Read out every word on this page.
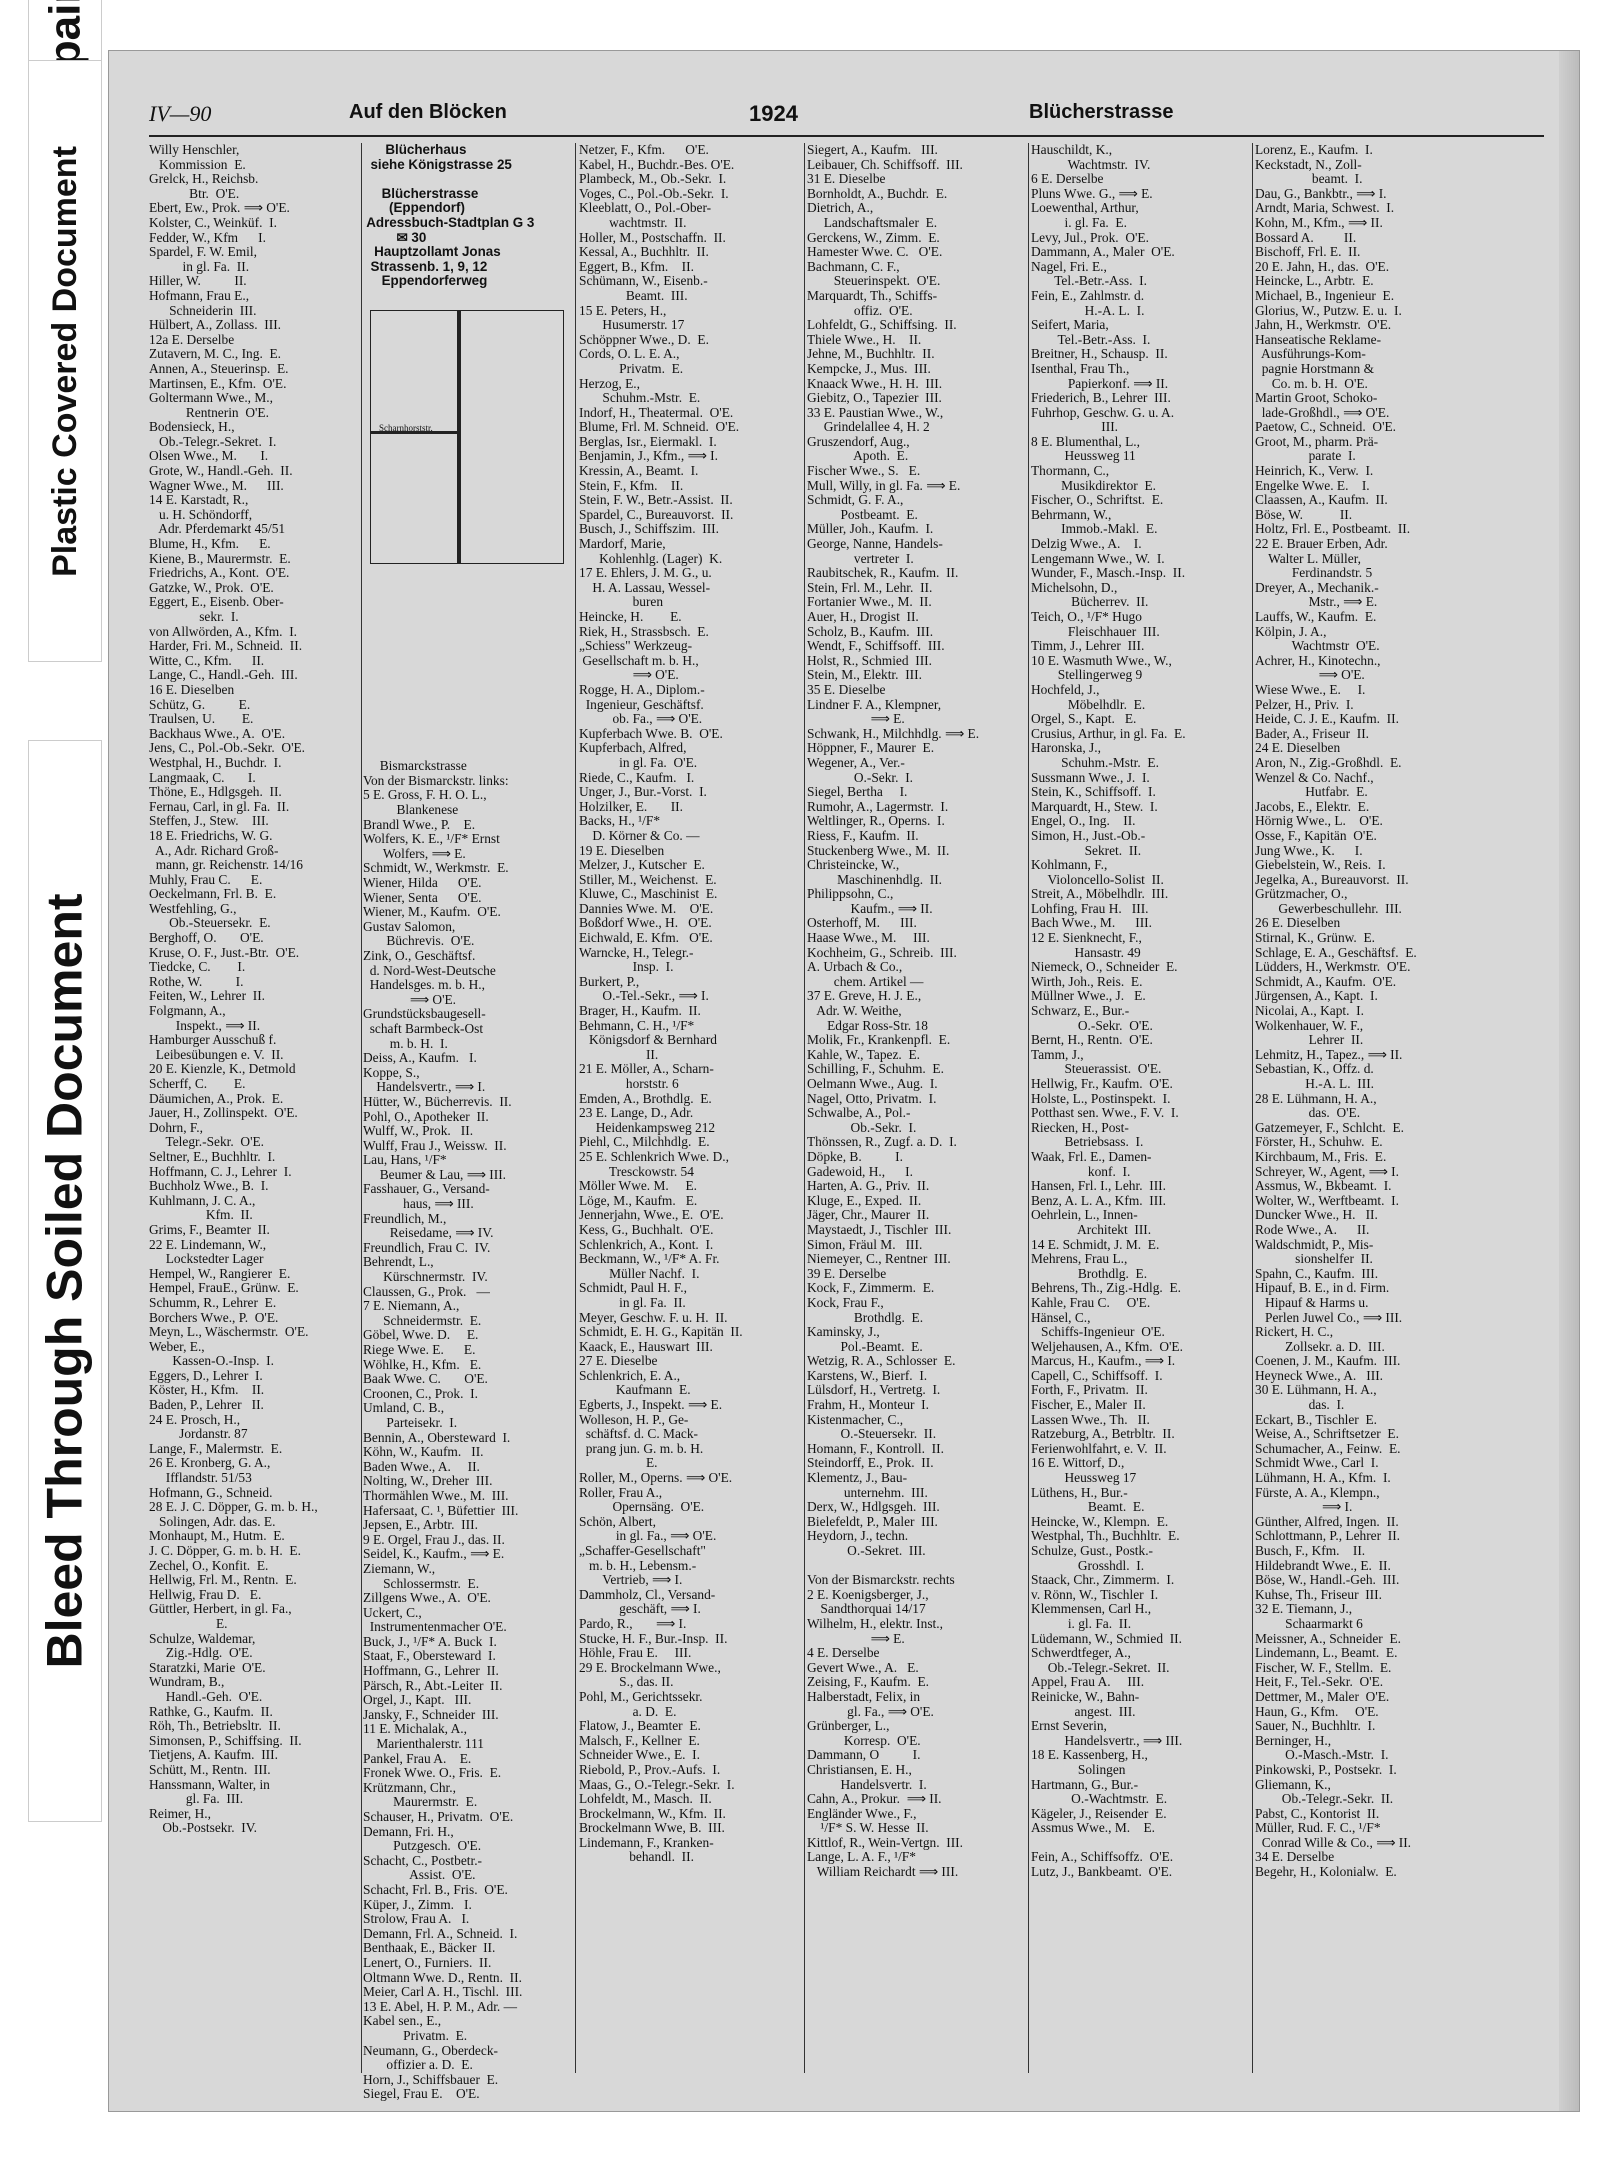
Plastic Covered Document
Bleed Through Soiled Document
IV—90	Auf den Blöcken	1924	Blücherstrasse
Willy Henschler,
Kommission  E.
Grelck, H., Reichsb.
Btr.  O'E.
Ebert, Ew., Prok. ⟹ O'E.
Kolster, C., Weinküf.  I.
Fedder, W., Kfm      I.
Spardel, F. W. Emil,
in gl. Fa.  II.
Hiller, W.          II.
Hofmann, Frau E.,
Schneiderin  III.
Hülbert, A., Zollass.  III.
12a E. Derselbe
Zutavern, M. C., Ing.  E.
Annen, A., Steuerinsp.  E.
Martinsen, E., Kfm.  O'E.
Goltermann Wwe., M.,
Rentnerin  O'E.
Bodensieck, H.,
Ob.-Telegr.-Sekret.  I.
Olsen Wwe., M.       I.
Grote, W., Handl.-Geh.  II.
Wagner Wwe., M.      III.
14 E. Karstadt, R.,
u. H. Schöndorff,
Adr. Pferdemarkt 45/51
Blume, H., Kfm.      E.
Kiene, B., Maurermstr.  E.
Friedrichs, A., Kont.  O'E.
Gatzke, W., Prok.  O'E.
Eggert, E., Eisenb. Ober-
sekr.  I.
von Allwörden, A., Kfm.  I.
Harder, Fri. M., Schneid.  II.
Witte, C., Kfm.      II.
Lange, C., Handl.-Geh.  III.
16 E. Dieselben
Schütz, G.          E.
Traulsen, U.        E.
Backhaus Wwe., A.  O'E.
Jens, C., Pol.-Ob.-Sekr.  O'E.
Westphal, H., Buchdr.  I.
Langmaak, C.       I.
Thöne, E., Hdlgsgeh.  II.
Fernau, Carl, in gl. Fa.  II.
Steffen, J., Stew.    III.
18 E. Friedrichs, W. G.
A., Adr. Richard Groß-
mann, gr. Reichenstr. 14/16
Muhly, Frau C.      E.
Oeckelmann, Frl. B.  E.
Westfehling, G.,
Ob.-Steuersekr.  E.
Berghoff, O.       O'E.
Kruse, O. F., Just.-Btr.  O'E.
Tiedcke, C.        I.
Rothe, W.          I.
Feiten, W., Lehrer  II.
Folgmann, A.,
Inspekt., ⟹ II.
Hamburger Ausschuß f.
Leibesübungen e. V.  II.
20 E. Kienzle, K., Detmold
Scherff, C.        E.
Däumichen, A., Prok.  E.
Jauer, H., Zollinspekt.  O'E.
Dohrn, F.,
Telegr.-Sekr.  O'E.
Seltner, E., Buchhltr.  I.
Hoffmann, C. J., Lehrer  I.
Buchholz Wwe., B.  I.
Kuhlmann, J. C. A.,
Kfm.  II.
Grims, F., Beamter  II.
22 E. Lindemann, W.,
Lockstedter Lager
Hempel, W., Rangierer  E.
Hempel, FrauE., Grünw.  E.
Schumm, R., Lehrer  E.
Borchers Wwe., P.  O'E.
Meyn, L., Wäschermstr.  O'E.
Weber, E.,
Kassen-O.-Insp.  I.
Eggers, D., Lehrer  I.
Köster, H., Kfm.    II.
Baden, P., Lehrer   II.
24 E. Prosch, H.,
Jordanstr. 87
Lange, F., Malermstr.  E.
26 E. Kronberg, G. A.,
Ifflandstr. 51/53
Hofmann, G., Schneid.
28 E. J. C. Döpper, G. m. b. H.,
Solingen, Adr. das. E.
Monhaupt, M., Hutm.  E.
J. C. Döpper, G. m. b. H.  E.
Zechel, O., Konfit.  E.
Hellwig, Frl. M., Rentn.  E.
Hellwig, Frau D.   E.
Güttler, Herbert, in gl. Fa.,
E.
Schulze, Waldemar,
Zig.-Hdlg.  O'E.
Staratzki, Marie  O'E.
Wundram, B.,
Handl.-Geh.  O'E.
Rathke, G., Kaufm.  II.
Röh, Th., Betriebsltr.  II.
Simonsen, P., Schiffsing.  II.
Tietjens, A. Kaufm.  III.
Schütt, M., Rentn.  III.
Hanssmann, Walter, in
gl. Fa.  III.
Reimer, H.,
Ob.-Postsekr.  IV.
Blücherhaus
siehe Königstrasse 25
Blücherstrasse
(Eppendorf)
Adressbuch-Stadtplan G 3
✉ 30
Hauptzollamt Jonas
Strassenb. 1, 9, 12
Eppendorferweg
Scharnhorststr.
Bismarckstrasse
Von der Bismarckstr. links:
5 E. Gross, F. H. O. L.,
Blankenese
Brandl Wwe., P.    E.
Wolfers, K. E., ¹/F* Ernst
Wolfers, ⟹ E.
Schmidt, W., Werkmstr.  E.
Wiener, Hilda      O'E.
Wiener, Senta      O'E.
Wiener, M., Kaufm.  O'E.
Gustav Salomon,
Büchrevis.  O'E.
Zink, O., Geschäftsf.
d. Nord-West-Deutsche
Handelsges. m. b. H.,
⟹ O'E.
Grundstücksbaugesell-
schaft Barmbeck-Ost
m. b. H.  I.
Deiss, A., Kaufm.   I.
Koppe, S.,
Handelsvertr., ⟹ I.
Hütter, W., Bücherrevis.  II.
Pohl, O., Apotheker  II.
Wulff, W., Prok.   II.
Wulff, Frau J., Weissw.  II.
Lau, Hans, ¹/F*
Beumer & Lau, ⟹ III.
Fasshauer, G., Versand-
haus, ⟹ III.
Freundlich, M.,
Reisedame, ⟹ IV.
Freundlich, Frau C.  IV.
Behrendt, L.,
Kürschnermstr.  IV.
Claussen, G., Prok.   —
7 E. Niemann, A.,
Schneidermstr.  E.
Göbel, Wwe. D.     E.
Riege Wwe. E.      E.
Wöhlke, H., Kfm.   E.
Baak Wwe. C.       O'E.
Croonen, C., Prok.  I.
Umland, C. B.,
Parteisekr.  I.
Bennin, A., Obersteward  I.
Köhn, W., Kaufm.   II.
Baden Wwe., A.     II.
Nolting, W., Dreher  III.
Thormählen Wwe., M.  III.
Hafersaat, C. ¹, Büfettier  III.
Jepsen, E., Arbtr.  III.
9 E. Orgel, Frau J., das. II.
Seidel, K., Kaufm., ⟹ E.
Ziemann, W.,
Schlossermstr.  E.
Zillgens Wwe., A.  O'E.
Uckert, C.,
Instrumentenmacher O'E.
Buck, J., ¹/F* A. Buck  I.
Staat, F., Obersteward  I.
Hoffmann, G., Lehrer  II.
Pärsch, R., Abt.-Leiter  II.
Orgel, J., Kapt.   III.
Jansky, F., Schneider  III.
11 E. Michalak, A.,
Marienthalerstr. 111
Pankel, Frau A.    E.
Fronek Wwe. O., Fris.  E.
Krützmann, Chr.,
Maurermstr.  E.
Schauser, H., Privatm.  O'E.
Demann, Fri. H.,
Putzgesch.  O'E.
Schacht, C., Postbetr.-
Assist.  O'E.
Schacht, Frl. B., Fris.  O'E.
Küper, J., Zimm.   I.
Strolow, Frau A.   I.
Demann, Frl. A., Schneid.  I.
Benthaak, E., Bäcker  II.
Lenert, O., Furniers.  II.
Oltmann Wwe. D., Rentn.  II.
Meier, Carl A. H., Tischl.  III.
13 E. Abel, H. P. M., Adr. —
Kabel sen., E.,
Privatm.  E.
Neumann, G., Oberdeck-
offizier a. D.  E.
Horn, J., Schiffsbauer  E.
Siegel, Frau E.    O'E.
Netzer, F., Kfm.      O'E.
Kabel, H., Buchdr.-Bes. O'E.
Plambeck, M., Ob.-Sekr.  I.
Voges, C., Pol.-Ob.-Sekr.  I.
Kleeblatt, O., Pol.-Ober-
wachtmstr.  II.
Holler, M., Postschaffn.  II.
Kessal, A., Buchhltr.  II.
Eggert, B., Kfm.    II.
Schümann, W., Eisenb.-
Beamt.  III.
15 E. Peters, H.,
Husumerstr. 17
Schöppner Wwe., D.  E.
Cords, O. L. E. A.,
Privatm.  E.
Herzog, E.,
Schuhm.-Mstr.  E.
Indorf, H., Theatermal.  O'E.
Blume, Frl. M. Schneid.  O'E.
Berglas, Isr., Eiermakl.  I.
Benjamin, J., Kfm., ⟹ I.
Kressin, A., Beamt.  I.
Stein, F., Kfm.    II.
Stein, F. W., Betr.-Assist.  II.
Spardel, C., Bureauvorst.  II.
Busch, J., Schiffszim.  III.
Mardorf, Marie,
Kohlenhlg. (Lager)  K.
17 E. Ehlers, J. M. G., u.
H. A. Lassau, Wessel-
buren
Heincke, H.        E.
Riek, H., Strassbsch.  E.
„Schiess" Werkzeug-
Gesellschaft m. b. H.,
⟹ O'E.
Rogge, H. A., Diplom.-
Ingenieur, Geschäftsf.
ob. Fa., ⟹ O'E.
Kupferbach Wwe. B.  O'E.
Kupferbach, Alfred,
in gl. Fa.  O'E.
Riede, C., Kaufm.   I.
Unger, J., Bur.-Vorst.  I.
Holzilker, E.       II.
Backs, H., ¹/F*
D. Körner & Co. —
19 E. Dieselben
Melzer, J., Kutscher  E.
Stiller, M., Weichenst.  E.
Kluwe, C., Maschinist  E.
Dannies Wwe. M.    O'E.
Boßdorf Wwe., H.   O'E.
Eichwald, E. Kfm.   O'E.
Warncke, H., Telegr.-
Insp.  I.
Burkert, P.,
O.-Tel.-Sekr., ⟹ I.
Brager, H., Kaufm.  II.
Behmann, C. H., ¹/F*
Königsdorf & Bernhard
II.
21 E. Möller, A., Scharn-
horststr. 6
Emden, A., Brothdlg.  E.
23 E. Lange, D., Adr.
Heidenkampsweg 212
Piehl, C., Milchhdlg.  E.
25 E. Schlenkrich Wwe. D.,
Tresckowstr. 54
Möller Wwe. M.     E.
Löge, M., Kaufm.   E.
Jennerjahn, Wwe., E.  O'E.
Kess, G., Buchhalt.  O'E.
Schlenkrich, A., Kont.  I.
Beckmann, W., ¹/F* A. Fr.
Müller Nachf.  I.
Schmidt, Paul H. F.,
in gl. Fa.  II.
Meyer, Geschw. F. u. H.  II.
Schmidt, E. H. G., Kapitän  II.
Kaack, E., Hauswart  III.
27 E. Dieselbe
Schlenkrich, E. A.,
Kaufmann  E.
Egberts, J., Inspekt. ⟹ E.
Wolleson, H. P., Ge-
schäftsf. d. C. Mack-
prang jun. G. m. b. H.
E.
Roller, M., Operns. ⟹ O'E.
Roller, Frau A.,
Opernsäng.  O'E.
Schön, Albert,
in gl. Fa., ⟹ O'E.
„Schaffer-Gesellschaft"
m. b. H., Lebensm.-
Vertrieb, ⟹ I.
Dammholz, Cl., Versand-
geschäft, ⟹ I.
Pardo, R.,       ⟹ I.
Stucke, H. F., Bur.-Insp.  II.
Höhle, Frau E.     III.
29 E. Brockelmann Wwe.,
S., das. II.
Pohl, M., Gerichtssekr.
a. D.  E.
Flatow, J., Beamter  E.
Malsch, F., Kellner  E.
Schneider Wwe., E.  I.
Riebold, P., Prov.-Aufs.  I.
Maas, G., O.-Telegr.-Sekr.  I.
Lohfeldt, M., Masch.  II.
Brockelmann, W., Kfm.  II.
Brockelmann Wwe, B.  III.
Lindemann, F., Kranken-
behandl.  II.
Siegert, A., Kaufm.   III.
Leibauer, Ch. Schiffsoff.  III.
31 E. Dieselbe
Bornholdt, A., Buchdr.  E.
Dietrich, A.,
Landschaftsmaler  E.
Gerckens, W., Zimm.  E.
Hamester Wwe. C.   O'E.
Bachmann, C. F.,
Steuerinspekt.  O'E.
Marquardt, Th., Schiffs-
offiz.  O'E.
Lohfeldt, G., Schiffsing.  II.
Thiele Wwe., H.    II.
Jehne, M., Buchhltr.  II.
Kempcke, J., Mus.  III.
Knaack Wwe., H. H.  III.
Giebitz, O., Tapezier  III.
33 E. Paustian Wwe., W.,
Grindelallee 4, H. 2
Gruszendorf, Aug.,
Apoth.  E.
Fischer Wwe., S.   E.
Mull, Willy, in gl. Fa. ⟹ E.
Schmidt, G. F. A.,
Postbeamt.  E.
Müller, Joh., Kaufm.  I.
George, Nanne, Handels-
vertreter  I.
Raubitschek, R., Kaufm.  II.
Stein, Frl. M., Lehr.  II.
Fortanier Wwe., M.  II.
Auer, H., Drogist  II.
Scholz, B., Kaufm.  III.
Wendt, F., Schiffsoff.  III.
Holst, R., Schmied  III.
Stein, M., Elektr.  III.
35 E. Dieselbe
Lindner F. A., Klempner,
⟹ E.
Schwank, H., Milchhdlg. ⟹ E.
Höppner, F., Maurer  E.
Wegener, A., Ver.-
O.-Sekr.  I.
Siegel, Bertha     I.
Rumohr, A., Lagermstr.  I.
Weltlinger, R., Operns.  I.
Riess, F., Kaufm.  II.
Stuckenberg Wwe., M.  II.
Christeincke, W.,
Maschinenhdlg.  II.
Philippsohn, C.,
Kaufm., ⟹ II.
Osterhoff, M.      III.
Haase Wwe., M.     III.
Kochheim, G., Schreib.  III.
A. Urbach & Co.,
chem. Artikel —
37 E. Greve, H. J. E.,
Adr. W. Weithe,
Edgar Ross-Str. 18
Molik, Fr., Krankenpfl.  E.
Kahle, W., Tapez.  E.
Schilling, F., Schuhm.  E.
Oelmann Wwe., Aug.  I.
Nagel, Otto, Privatm.  I.
Schwalbe, A., Pol.-
Ob.-Sekr.  I.
Thönssen, R., Zugf. a. D.  I.
Döpke, B.          I.
Gadewoid, H.,      I.
Harten, A. G., Priv.  II.
Kluge, E., Exped.  II.
Jäger, Chr., Maurer  II.
Maystaedt, J., Tischler  III.
Simon, Fräul M.   III.
Niemeyer, C., Rentner  III.
39 E. Derselbe
Kock, F., Zimmerm.  E.
Kock, Frau F.,
Brothdlg.  E.
Kaminsky, J.,
Pol.-Beamt.  E.
Wetzig, R. A., Schlosser  E.
Karstens, W., Bierf.  I.
Lülsdorf, H., Vertretg.  I.
Frahm, H., Monteur  I.
Kistenmacher, C.,
O.-Steuersekr.  II.
Homann, F., Kontroll.  II.
Steindorff, E., Prok.  II.
Klementz, J., Bau-
unternehm.  III.
Derx, W., Hdlgsgeh.  III.
Bielefeldt, P., Maler  III.
Heydorn, J., techn.
O.-Sekret.  III.
Von der Bismarckstr. rechts
2 E. Koenigsberger, J.,
Sandthorquai 14/17
Wilhelm, H., elektr. Inst.,
⟹ E.
4 E. Derselbe
Gevert Wwe., A.   E.
Zeising, F., Kaufm.  E.
Halberstadt, Felix, in
gl. Fa., ⟹ O'E.
Grünberger, L.,
Korresp.  O'E.
Dammann, O          I.
Christiansen, E. H.,
Handelsvertr.  I.
Cahn, A., Prokur.  ⟹ II.
Engländer Wwe., F.,
¹/F* S. W. Hesse  II.
Kittlof, R., Wein-Vertgn.  III.
Lange, L. A. F., ¹/F*
William Reichardt ⟹ III.
Hauschildt, K.,
Wachtmstr.  IV.
6 E. Derselbe
Pluns Wwe. G., ⟹ E.
Loewenthal, Arthur,
i. gl. Fa.  E.
Levy, Jul., Prok.  O'E.
Dammann, A., Maler  O'E.
Nagel, Fri. E.,
Tel.-Betr.-Ass.  I.
Fein, E., Zahlmstr. d.
H.-A. L.  I.
Seifert, Maria,
Tel.-Betr.-Ass.  I.
Breitner, H., Schausp.  II.
Isenthal, Frau Th.,
Papierkonf. ⟹ II.
Friederich, B., Lehrer  III.
Fuhrhop, Geschw. G. u. A.
III.
8 E. Blumenthal, L.,
Heussweg 11
Thormann, C.,
Musikdirektor  E.
Fischer, O., Schriftst.  E.
Behrmann, W.,
Immob.-Makl.  E.
Delzig Wwe., A.    I.
Lengemann Wwe., W.  I.
Wunder, F., Masch.-Insp.  II.
Michelsohn, D.,
Bücherrev.  II.
Teich, O., ¹/F* Hugo
Fleischhauer  III.
Timm, J., Lehrer  III.
10 E. Wasmuth Wwe., W.,
Stellingerweg 9
Hochfeld, J.,
Möbelhdlr.  E.
Orgel, S., Kapt.   E.
Crusius, Arthur, in gl. Fa.  E.
Haronska, J.,
Schuhm.-Mstr.  E.
Sussmann Wwe., J.  I.
Stein, K., Schiffsoff.  I.
Marquardt, H., Stew.  I.
Engel, O., Ing.    II.
Simon, H., Just.-Ob.-
Sekret.  II.
Kohlmann, F.,
Violoncello-Solist  II.
Streit, A., Möbelhdlr.  III.
Lohfing, Frau H.   III.
Bach Wwe., M.      III.
12 E. Sienknecht, F.,
Hansastr. 49
Niemeck, O., Schneider  E.
Wirth, Joh., Reis.  E.
Müllner Wwe., J.   E.
Schwarz, E., Bur.-
O.-Sekr.  O'E.
Bernt, H., Rentn.  O'E.
Tamm, J.,
Steuerassist.  O'E.
Hellwig, Fr., Kaufm.  O'E.
Holste, L., Postinspekt.  I.
Potthast sen. Wwe., F. V.  I.
Riecken, H., Post-
Betriebsass.  I.
Waak, Frl. E., Damen-
konf.  I.
Hansen, Frl. I., Lehr.  III.
Benz, A. L. A., Kfm.  III.
Oehrlein, L., Innen-
Architekt  III.
14 E. Schmidt, J. M.  E.
Mehrens, Frau L.,
Brothdlg.  E.
Behrens, Th., Zig.-Hdlg.  E.
Kahle, Frau C.     O'E.
Hänsel, C.,
Schiffs-Ingenieur  O'E.
Weljehausen, A., Kfm.  O'E.
Marcus, H., Kaufm., ⟹ I.
Capell, C., Schiffsoff.  I.
Forth, F., Privatm.  II.
Fischer, E., Maler  II.
Lassen Wwe., Th.   II.
Ratzeburg, A., Betrbltr.  II.
Ferienwohlfahrt, e. V.  II.
16 E. Wittorf, D.,
Heussweg 17
Lüthens, H., Bur.-
Beamt.  E.
Heincke, W., Klempn.  E.
Westphal, Th., Buchhltr.  E.
Schulze, Gust., Postk.-
Grosshdl.  I.
Staack, Chr., Zimmerm.  I.
v. Rönn, W., Tischler  I.
Klemmensen, Carl H.,
i. gl. Fa.  II.
Lüdemann, W., Schmied  II.
Schwerdtfeger, A.,
Ob.-Telegr.-Sekret.  II.
Appel, Frau A.     III.
Reinicke, W., Bahn-
angest.  III.
Ernst Severin,
Handelsvertr., ⟹ III.
18 E. Kassenberg, H.,
Solingen
Hartmann, G., Bur.-
O.-Wachtmstr.  E.
Kägeler, J., Reisender  E.
Assmus Wwe., M.    E.
Fein, A., Schiffsoffz.  O'E.
Lutz, J., Bankbeamt.  O'E.
Lorenz, E., Kaufm.  I.
Keckstadt, N., Zoll-
beamt.  I.
Dau, G., Bankbtr., ⟹ I.
Arndt, Maria, Schwest.  I.
Kohn, M., Kfm., ⟹ II.
Bossard A.         II.
Bischoff, Frl. E.  II.
20 E. Jahn, H., das.  O'E.
Heincke, L., Arbtr.  E.
Michael, B., Ingenieur  E.
Glorius, W., Putzw. E. u.  I.
Jahn, H., Werkmstr.  O'E.
Hanseatische Reklame-
Ausführungs-Kom-
pagnie Horstmann &
Co. m. b. H.  O'E.
Martin Groot, Schoko-
lade-Großhdl., ⟹ O'E.
Paetow, C., Schneid.  O'E.
Groot, M., pharm. Prä-
parate  I.
Heinrich, K., Verw.  I.
Engelke Wwe. E.    I.
Claassen, A., Kaufm.  II.
Böse, W.           II.
Holtz, Frl. E., Postbeamt.  II.
22 E. Brauer Erben, Adr.
Walter L. Müller,
Ferdinandstr. 5
Dreyer, A., Mechanik.-
Mstr., ⟹ E.
Lauffs, W., Kaufm.  E.
Kölpin, J. A.,
Wachtmstr  O'E.
Achrer, H., Kinotechn.,
⟹ O'E.
Wiese Wwe., E.     I.
Pelzer, H., Priv.  I.
Heide, C. J. E., Kaufm.  II.
Bader, A., Friseur  II.
24 E. Dieselben
Aron, N., Zig.-Großhdl.  E.
Wenzel & Co. Nachf.,
Hutfabr.  E.
Jacobs, E., Elektr.  E.
Hörnig Wwe., L.    O'E.
Osse, F., Kapitän  O'E.
Jung Wwe., K.      I.
Giebelstein, W., Reis.  I.
Jegelka, A., Bureauvorst.  II.
Grützmacher, O.,
Gewerbeschullehr.  III.
26 E. Dieselben
Stirnal, K., Grünw.  E.
Schlage, E. A., Geschäftsf.  E.
Lüdders, H., Werkmstr.  O'E.
Schmidt, A., Kaufm.  O'E.
Jürgensen, A., Kapt.  I.
Nicolai, A., Kapt.  I.
Wolkenhauer, W. F.,
Lehrer  II.
Lehmitz, H., Tapez., ⟹ II.
Sebastian, K., Offz. d.
H.-A. L.  III.
28 E. Lühmann, H. A.,
das.  O'E.
Gatzemeyer, F., Schlcht.  E.
Förster, H., Schuhw.  E.
Kirchbaum, M., Fris.  E.
Schreyer, W., Agent, ⟹ I.
Assmus, W., Bkbeamt.  I.
Wolter, W., Werftbeamt.  I.
Duncker Wwe., H.   II.
Rode Wwe., A.      II.
Waldschmidt, P., Mis-
sionshelfer  II.
Spahn, C., Kaufm.  III.
Hipauf, B. E., in d. Firm.
Hipauf & Harms u.
Perlen Juwel Co., ⟹ III.
Rickert, H. C.,
Zollsekr. a. D.  III.
Coenen, J. M., Kaufm.  III.
Heyneck Wwe., A.   III.
30 E. Lühmann, H. A.,
das.  I.
Eckart, B., Tischler  E.
Weise, A., Schriftsetzer  E.
Schumacher, A., Feinw.  E.
Schmidt Wwe., Carl  I.
Lühmann, H. A., Kfm.  I.
Fürste, A. A., Klempn.,
⟹ I.
Günther, Alfred, Ingen.  II.
Schlottmann, P., Lehrer  II.
Busch, F., Kfm.    II.
Hildebrandt Wwe., E.  II.
Böse, W., Handl.-Geh.  III.
Kuhse, Th., Friseur  III.
32 E. Tiemann, J.,
Schaarmarkt 6
Meissner, A., Schneider  E.
Lindemann, L., Beamt.  E.
Fischer, W. F., Stellm.  E.
Heit, F., Tel.-Sekr.  O'E.
Dettmer, M., Maler  O'E.
Haun, G., Kfm.     O'E.
Sauer, N., Buchhltr.  I.
Berninger, H.,
O.-Masch.-Mstr.  I.
Pinkowski, P., Postsekr.  I.
Gliemann, K.,
Ob.-Telegr.-Sekr.  II.
Pabst, C., Kontorist  II.
Müller, Rud. F. C., ¹/F*
Conrad Wille & Co., ⟹ II.
34 E. Derselbe
Begehr, H., Kolonialw.  E.
